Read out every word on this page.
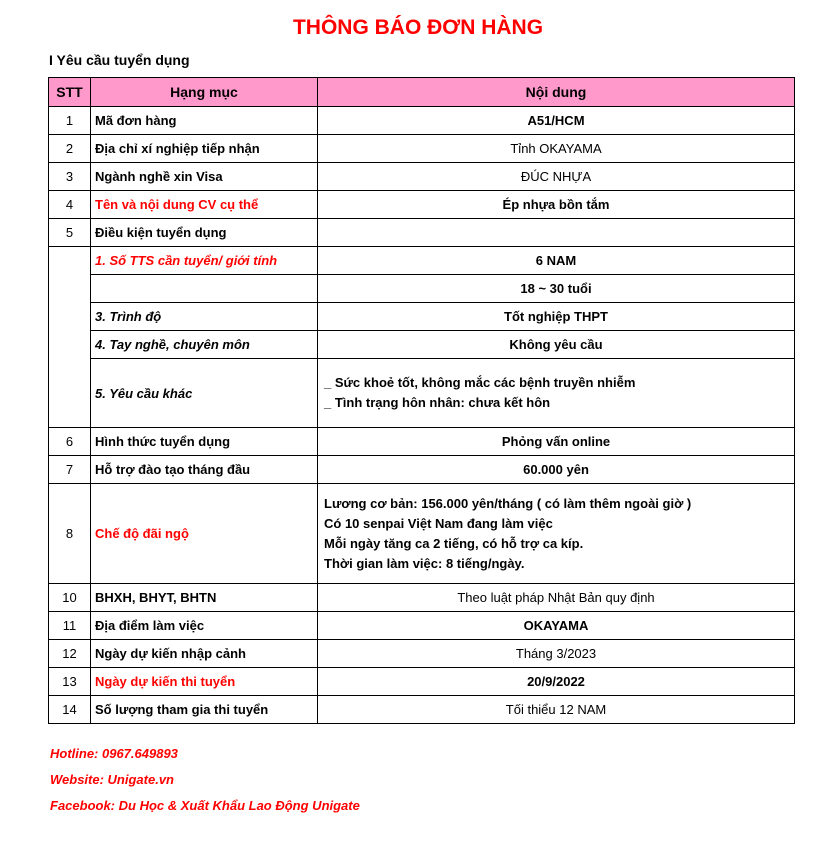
THÔNG BÁO ĐƠN HÀNG
I Yêu cầu tuyển dụng
STT	Hạng mục	Nội dung
1	Mã đơn hàng	A51/HCM
2	Địa chỉ xí nghiệp tiếp nhận	Tỉnh OKAYAMA
3	Ngành nghề xin Visa	ĐÚC NHỰA
4	Tên và nội dung CV cụ thể	Ép nhựa bồn tắm
5	Điều kiện tuyển dụng	
	1. Số TTS cần tuyển/ giới tính	6 NAM
		18 ~ 30 tuổi
	3. Trình độ	Tốt nghiệp THPT
	4. Tay nghề, chuyên môn	Không yêu cầu
	5. Yêu cầu khác	_ Sức khoẻ tốt, không mắc các bệnh truyền nhiễm
_ Tình trạng hôn nhân: chưa kết hôn

6	Hình thức tuyển dụng	Phỏng vấn online
7	Hỗ trợ đào tạo tháng đầu	60.000 yên
8	Chế độ đãi ngộ	Lương cơ bản: 156.000 yên/tháng ( có làm thêm ngoài giờ )
Có 10 senpai Việt Nam đang làm việc
Mỗi ngày tăng ca 2 tiếng, có hỗ trợ ca kíp.
Thời gian làm việc: 8 tiếng/ngày.

10	BHXH, BHYT, BHTN	Theo luật pháp Nhật Bản quy định
11	Địa điểm làm việc	OKAYAMA
12	Ngày dự kiến nhập cảnh	Tháng 3/2023
13	Ngày dự kiến thi tuyển	20/9/2022
14	Số lượng tham gia thi tuyển	Tối thiểu 12 NAM
Hotline: 0967.649893
Website: Unigate.vn
Facebook: Du Học & Xuất Khẩu Lao Động Unigate
